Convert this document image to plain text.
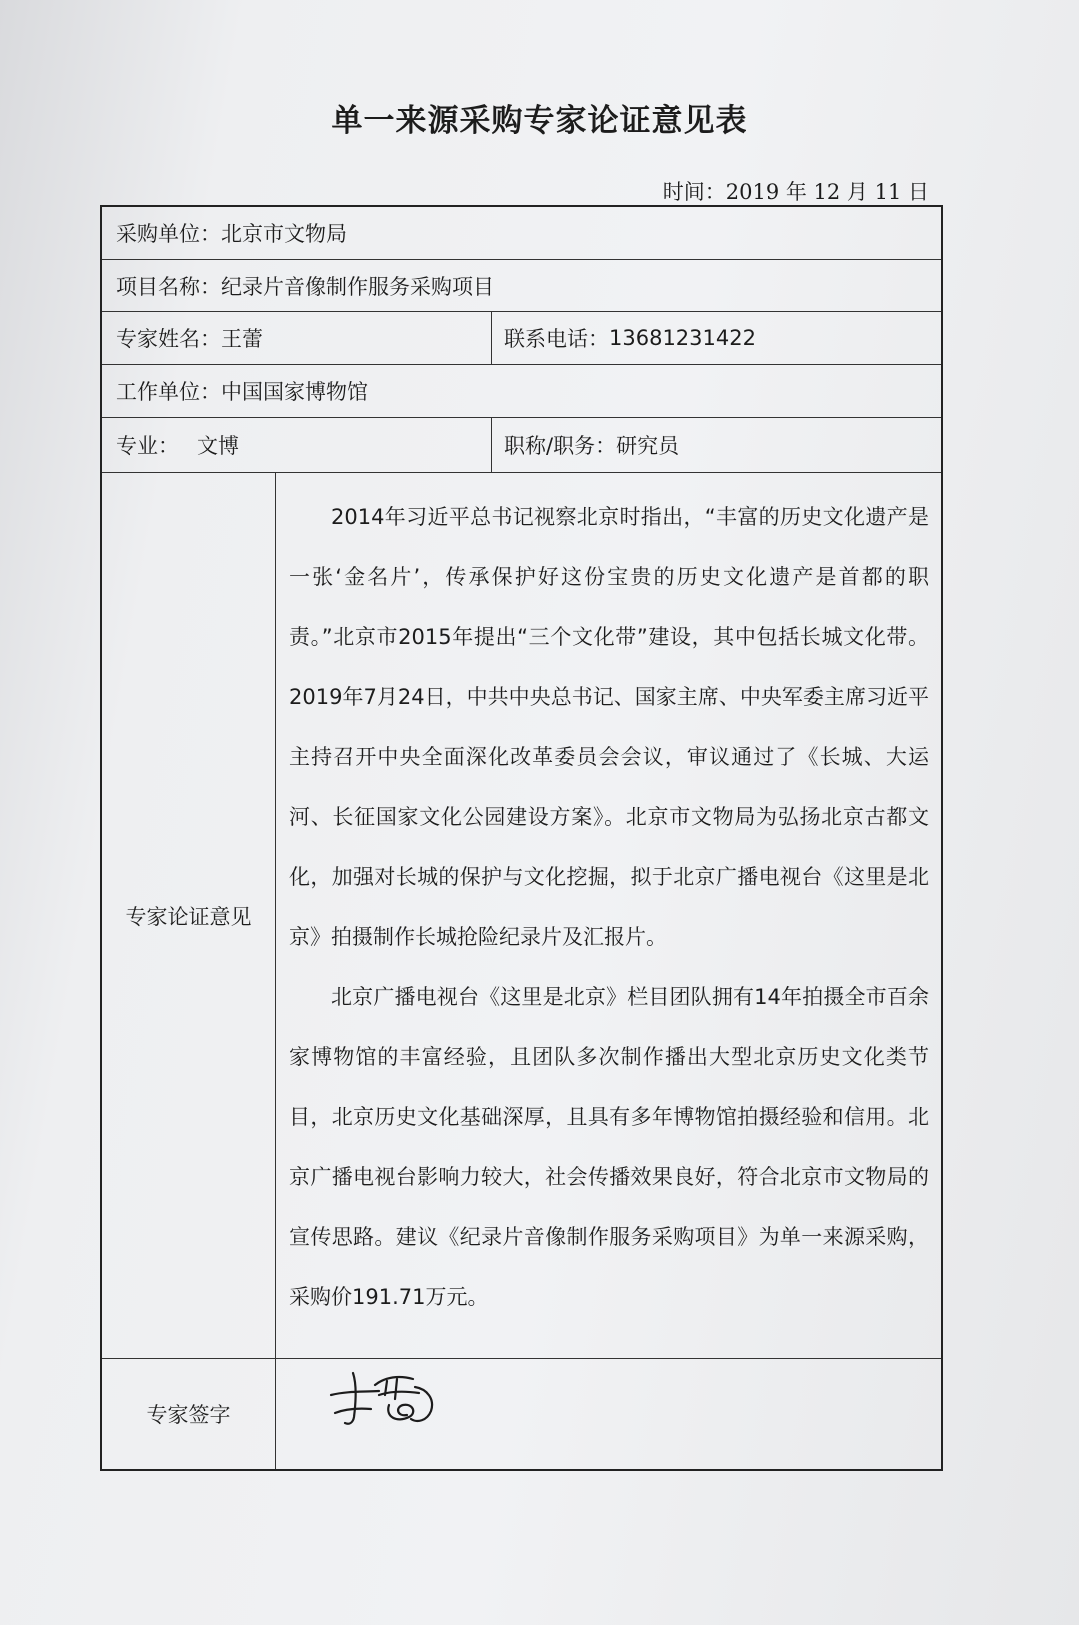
单一来源采购专家论证意见表
时间：2019 年 12 月 11 日
采购单位： 北京市文物局
项目名称： 纪录片音像制作服务采购项目
专家姓名： 王蕾	联系电话： 13681231422
工作单位： 中国国家博物馆
专业： 文博	职称/职务： 研究员
专家论证意见

2014年习近平总书记视察北京时指出，“丰富的历史文化遗产是一张‘金名片’，传承保护好这份宝贵的历史文化遗产是首都的职责。”北京市2015年提出“三个文化带”建设，其中包括长城文化带。2019年7月24日，中共中央总书记、国家主席、中央军委主席习近平主持召开中央全面深化改革委员会会议，审议通过了《长城、大运河、长征国家文化公园建设方案》。北京市文物局为弘扬北京古都文化，加强对长城的保护与文化挖掘，拟于北京广播电视台《这里是北京》拍摄制作长城抢险纪录片及汇报片。

北京广播电视台《这里是北京》栏目团队拥有14年拍摄全市百余家博物馆的丰富经验，且团队多次制作播出大型北京历史文化类节目，北京历史文化基础深厚，且具有多年博物馆拍摄经验和信用。北京广播电视台影响力较大，社会传播效果良好，符合北京市文物局的宣传思路。建议《纪录片音像制作服务采购项目》为单一来源采购，采购价191.71万元。

专家签字
